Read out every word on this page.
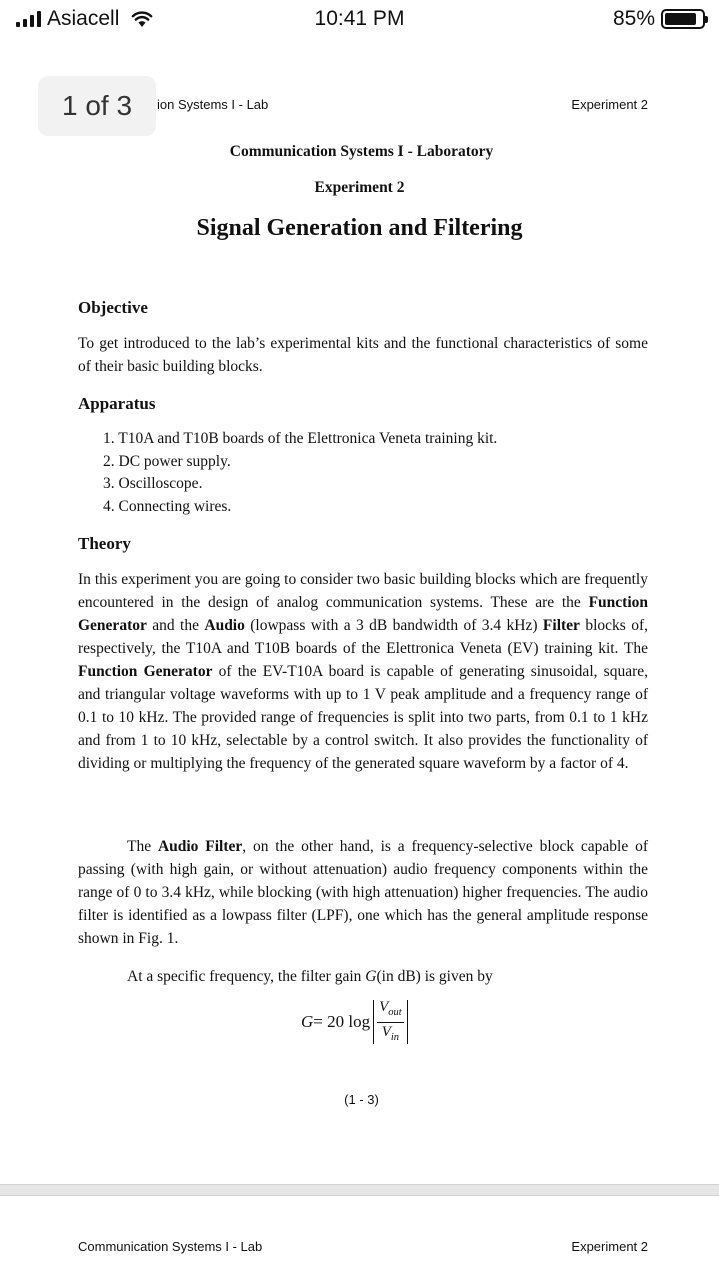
Asiacell	10:41 PM	85%
ion Systems I - Lab	Experiment 2
Communication Systems I - Laboratory
Experiment 2
Signal Generation and Filtering
Objective
To get introduced to the lab’s experimental kits and the functional characteristics of some of their basic building blocks.
Apparatus
1. T10A and T10B boards of the Elettronica Veneta training kit.
2. DC power supply.
3. Oscilloscope.
4. Connecting wires.
Theory
In this experiment you are going to consider two basic building blocks which are frequently encountered in the design of analog communication systems. These are the Function Generator and the Audio (lowpass with a 3 dB bandwidth of 3.4 kHz) Filter blocks of, respectively, the T10A and T10B boards of the Elettronica Veneta (EV) training kit. The Function Generator of the EV-T10A board is capable of generating sinusoidal, square, and triangular voltage waveforms with up to 1 V peak amplitude and a frequency range of 0.1 to 10 kHz. The provided range of frequencies is split into two parts, from 0.1 to 1 kHz and from 1 to 10 kHz, selectable by a control switch. It also provides the functionality of dividing or multiplying the frequency of the generated square waveform by a factor of 4.
The Audio Filter, on the other hand, is a frequency-selective block capable of passing (with high gain, or without attenuation) audio frequency components within the range of 0 to 3.4 kHz, while blocking (with high attenuation) higher frequencies. The audio filter is identified as a lowpass filter (LPF), one which has the general amplitude response shown in Fig. 1.
At a specific frequency, the filter gain G(in dB) is given by
G = 20 $\log \frac{V_{out}}{V_{in}}$
(1 - 3)
Communication Systems I - Lab	Experiment 2
1 of 3
